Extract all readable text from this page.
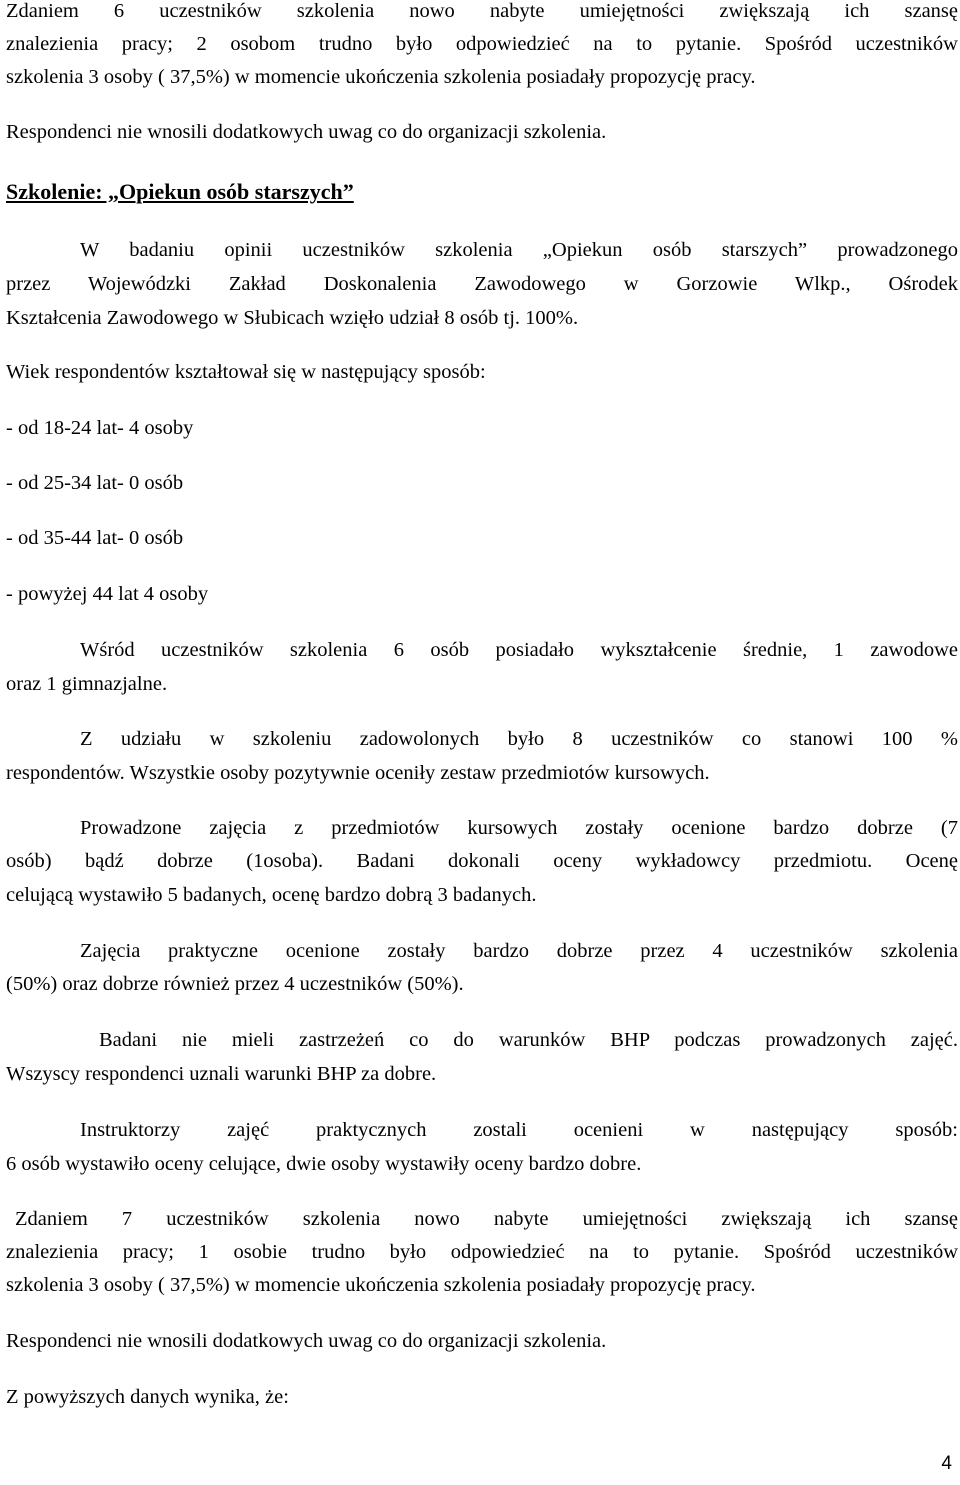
Zdaniem 6 uczestników szkolenia nowo nabyte umiejętności zwiększają ich szansę
znalezienia pracy; 2 osobom trudno było odpowiedzieć na to pytanie. Spośród uczestników
szkolenia 3 osoby ( 37,5%) w momencie ukończenia szkolenia posiadały propozycję pracy.
Respondenci nie wnosili dodatkowych uwag co do organizacji szkolenia.
Szkolenie: „Opiekun osób starszych”
W badaniu opinii uczestników szkolenia „Opiekun osób starszych” prowadzonego
przez Wojewódzki Zakład Doskonalenia Zawodowego w Gorzowie Wlkp., Ośrodek
Kształcenia Zawodowego w Słubicach wzięło udział 8 osób tj. 100%.
Wiek respondentów kształtował się w następujący sposób:
- od 18-24 lat- 4 osoby
- od 25-34 lat- 0 osób
- od 35-44 lat- 0 osób
- powyżej 44 lat 4 osoby
Wśród uczestników szkolenia 6 osób posiadało wykształcenie średnie, 1 zawodowe
oraz 1 gimnazjalne.
Z udziału w szkoleniu zadowolonych było 8 uczestników co stanowi 100 %
respondentów. Wszystkie osoby pozytywnie oceniły zestaw przedmiotów kursowych.
Prowadzone zajęcia z przedmiotów kursowych zostały ocenione bardzo dobrze (7
osób) bądź dobrze (1osoba). Badani dokonali oceny wykładowcy przedmiotu. Ocenę
celującą wystawiło 5 badanych, ocenę bardzo dobrą 3 badanych.
Zajęcia praktyczne ocenione zostały bardzo dobrze przez 4 uczestników szkolenia
(50%) oraz dobrze również przez 4 uczestników (50%).
Badani nie mieli zastrzeżeń co do warunków BHP podczas prowadzonych zajęć.
Wszyscy respondenci uznali warunki BHP za dobre.
Instruktorzy zajęć praktycznych zostali ocenieni w następujący sposób:
6 osób wystawiło oceny celujące, dwie osoby wystawiły oceny bardzo dobre.
Zdaniem 7 uczestników szkolenia nowo nabyte umiejętności zwiększają ich szansę
znalezienia pracy; 1 osobie trudno było odpowiedzieć na to pytanie. Spośród uczestników
szkolenia 3 osoby ( 37,5%) w momencie ukończenia szkolenia posiadały propozycję pracy.
Respondenci nie wnosili dodatkowych uwag co do organizacji szkolenia.
Z powyższych danych wynika, że:
4
